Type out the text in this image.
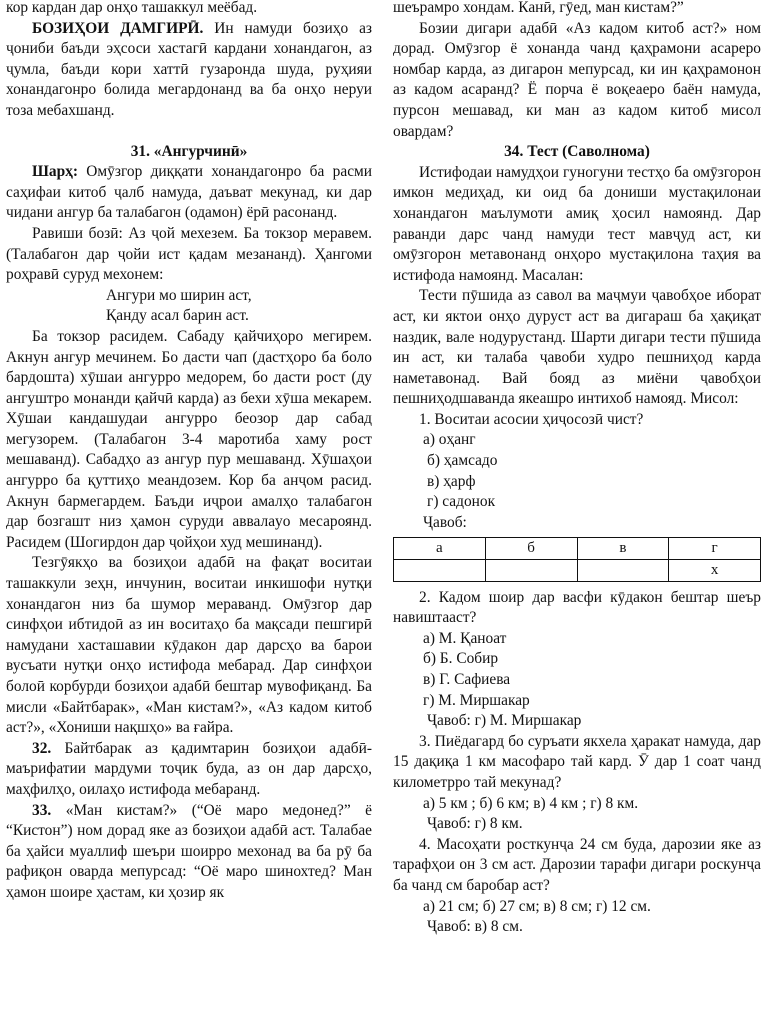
кор кардан дар онҳо ташаккул меёбад.

БОЗИҲОИ ДАМГИРӢ. Ин намуди бозиҳо аз ҷониби баъди эҳсоси хастагӣ кардани хонандагон, аз ҷумла, баъди кори хаттӣ гузаронда шуда, руҳияи хонандагонро болида мегардонанд ва ба онҳо неруи тоза мебахшанд.

31. «Ангурчинӣ»

Шарҳ: Омӯзгор диққати хонандагонро ба расми саҳифаи китоб ҷалб намуда, даъват мекунад, ки дар чидани ангур ба талабагон (одамон) ёрӣ расонанд.

Равиши бозӣ: Аз ҷой мехезем. Ба токзор меравем. (Талабагон дар ҷойи ист қадам мезананд). Ҳангоми роҳравӣ суруд мехонем:

Ангури мо ширин аст,

Қанду асал барин аст.

Ба токзор расидем. Сабаду қайчиҳоро мегирем. Акнун ангур мечинем. Бо дасти чап (дастҳоро ба боло бардошта) хӯшаи ангурро медорем, бо дасти рост (ду ангуштро монанди қайчӣ карда) аз бехи хӯша мекарем. Хӯшаи кандашудаи ангурро беозор дар сабад мегузорем. (Талабагон 3-4 маротиба хаму рост мешаванд). Сабадҳо аз ангур пур мешаванд. Хӯшаҳои ангурро ба қуттиҳо меандозем. Кор ба анҷом расид. Акнун бармегардем. Баъди иҷрои амалҳо талабагон дар бозгашт низ ҳамон суруди аввалаyo месароянд. Расидем (Шогирдон дар ҷойҳои худ мешинанд).

Тезгӯякҳо ва бозиҳои адабӣ на фақат воситаи ташаккули зеҳн, инчунин, воситаи инкишофи нутқи хонандагон низ ба шумор мераванд. Омӯзгор дар синфҳои ибтидоӣ аз ин воситаҳо ба мақсади пешгирӣ намудани хасташавии кӯдакон дар дарсҳо ва барои вусъати нутқи онҳо истифода мебарад. Дар синфҳои болоӣ корбурди бозиҳои адабӣ бештар мувофиқанд. Ба мисли «Байтбарак», «Ман кистам?», «Аз кадом китоб аст?», «Хониши нақшҳо» ва ғайра.

32. Байтбарак аз қадимтарин бозиҳои адабӣ-маърифатии мардуми тоҷик буда, аз он дар дарсҳо, маҳфилҳо, оилаҳо истифода мебаранд.

33. «Ман кистам?» (“Оё маро медонед?” ё “Кистон”) ном дорад яке аз бозиҳои адабӣ аст. Талабае ба ҳайси муаллиф шеъри шоирро мехонад ва ба рӯ ба рафиқон оварда мепурсад: “Оё маро шинохтед? Ман ҳамон шоире ҳастам, ки ҳозир як

шеърамро хондам. Канӣ, гӯед, ман кистам?”

Бозии дигари адабӣ «Аз кадом китоб аст?» ном дорад. Омӯзгор ё хонанда чанд қаҳрамони асареро номбар карда, аз дигарон мепурсад, ки ин қаҳрамонон аз кадом асаранд? Ё порча ё воқеаеро баён намуда, пурсон мешавад, ки ман аз кадом китоб мисол овардам?

34. Тест (Саволнома)

Истифодаи намудҳои гуногуни тестҳо ба омӯзгорон имкон медиҳад, ки оид ба дониши мустақилонаи хонандагон маълумоти амиқ ҳосил намоянд. Дар раванди дарс чанд намуди тест мавҷуд аст, ки омӯзгорон метавонанд онҳоро мустақилона таҳия ва истифода намоянд. Масалан:

Тести пӯшида аз савол ва маҷмуи ҷавобҳое иборат аст, ки яктои онҳо дуруст аст ва дигараш ба ҳақиқат наздик, вале нодурустанд. Шарти дигари тести пӯшида ин аст, ки талаба ҷавоби худро пешниҳод карда наметавонад. Вай бояд аз миёни ҷавобҳои пешниҳодшаванда якеашро интихоб намояд. Мисол:

1. Воситаи асосии ҳиҷосозӣ чист?

а) оҳанг

б) ҳамсадо

в) ҳарф

г) садонок

Ҷавоб:

а	б	в	г
			х

2. Кадом шоир дар васфи кӯдакон бештар шеър навиштааст?

а) М. Қаноат

б) Б. Собир

в) Г. Сафиева

г) М. Миршакар

Ҷавоб: г) М. Миршакар

3. Пиёдагард бо суръати якхела ҳаракат намуда, дар 15 дақиқа 1 км масофаро тай кард. Ӯ дар 1 соат чанд километрро тай мекунад?

а) 5 км ; б) 6 км; в) 4 км ; г) 8 км.

Ҷавоб: г) 8 км.

4. Масоҳати росткунҷа 24 см буда, дарозии яке аз тарафҳои он 3 см аст. Дарозии тарафи дигари роскунҷа ба чанд см баробар аст?

а) 21 см; б) 27 см; в) 8 см; г) 12 см.

Ҷавоб: в) 8 см.
